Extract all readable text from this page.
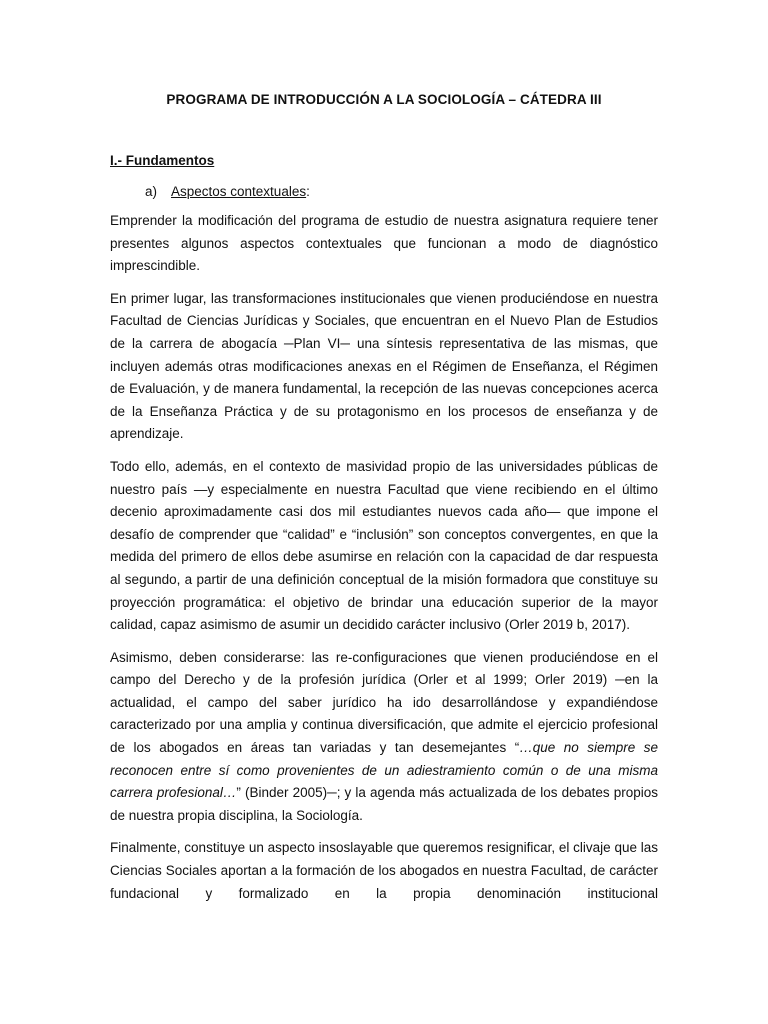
PROGRAMA DE INTRODUCCIÓN A LA SOCIOLOGÍA – CÁTEDRA III
I.- Fundamentos
a) Aspectos contextuales:

Emprender la modificación del programa de estudio de nuestra asignatura requiere tener presentes algunos aspectos contextuales que funcionan a modo de diagnóstico imprescindible.

En primer lugar, las transformaciones institucionales que vienen produciéndose en nuestra Facultad de Ciencias Jurídicas y Sociales, que encuentran en el Nuevo Plan de Estudios de la carrera de abogacía ─Plan VI─ una síntesis representativa de las mismas, que incluyen además otras modificaciones anexas en el Régimen de Enseñanza, el Régimen de Evaluación, y de manera fundamental, la recepción de las nuevas concepciones acerca de la Enseñanza Práctica y de su protagonismo en los procesos de enseñanza y de aprendizaje.

Todo ello, además, en el contexto de masividad propio de las universidades públicas de nuestro país —y especialmente en nuestra Facultad que viene recibiendo en el último decenio aproximadamente casi dos mil estudiantes nuevos cada año— que impone el desafío de comprender que “calidad” e “inclusión” son conceptos convergentes, en que la medida del primero de ellos debe asumirse en relación con la capacidad de dar respuesta al segundo, a partir de una definición conceptual de la misión formadora que constituye su proyección programática: el objetivo de brindar una educación superior de la mayor calidad, capaz asimismo de asumir un decidido carácter inclusivo (Orler 2019 b, 2017).

Asimismo, deben considerarse: las re-configuraciones que vienen produciéndose en el campo del Derecho y de la profesión jurídica (Orler et al 1999; Orler 2019) ─en la actualidad, el campo del saber jurídico ha ido desarrollándose y expandiéndose caracterizado por una amplia y continua diversificación, que admite el ejercicio profesional de los abogados en áreas tan variadas y tan desemejantes “…que no siempre se reconocen entre sí como provenientes de un adiestramiento común o de una misma carrera profesional…” (Binder 2005)─; y la agenda más actualizada de los debates propios de nuestra propia disciplina, la Sociología.

Finalmente, constituye un aspecto insoslayable que queremos resignificar, el clivaje que las Ciencias Sociales aportan a la formación de los abogados en nuestra Facultad, de carácter fundacional y formalizado en la propia denominación institucional
